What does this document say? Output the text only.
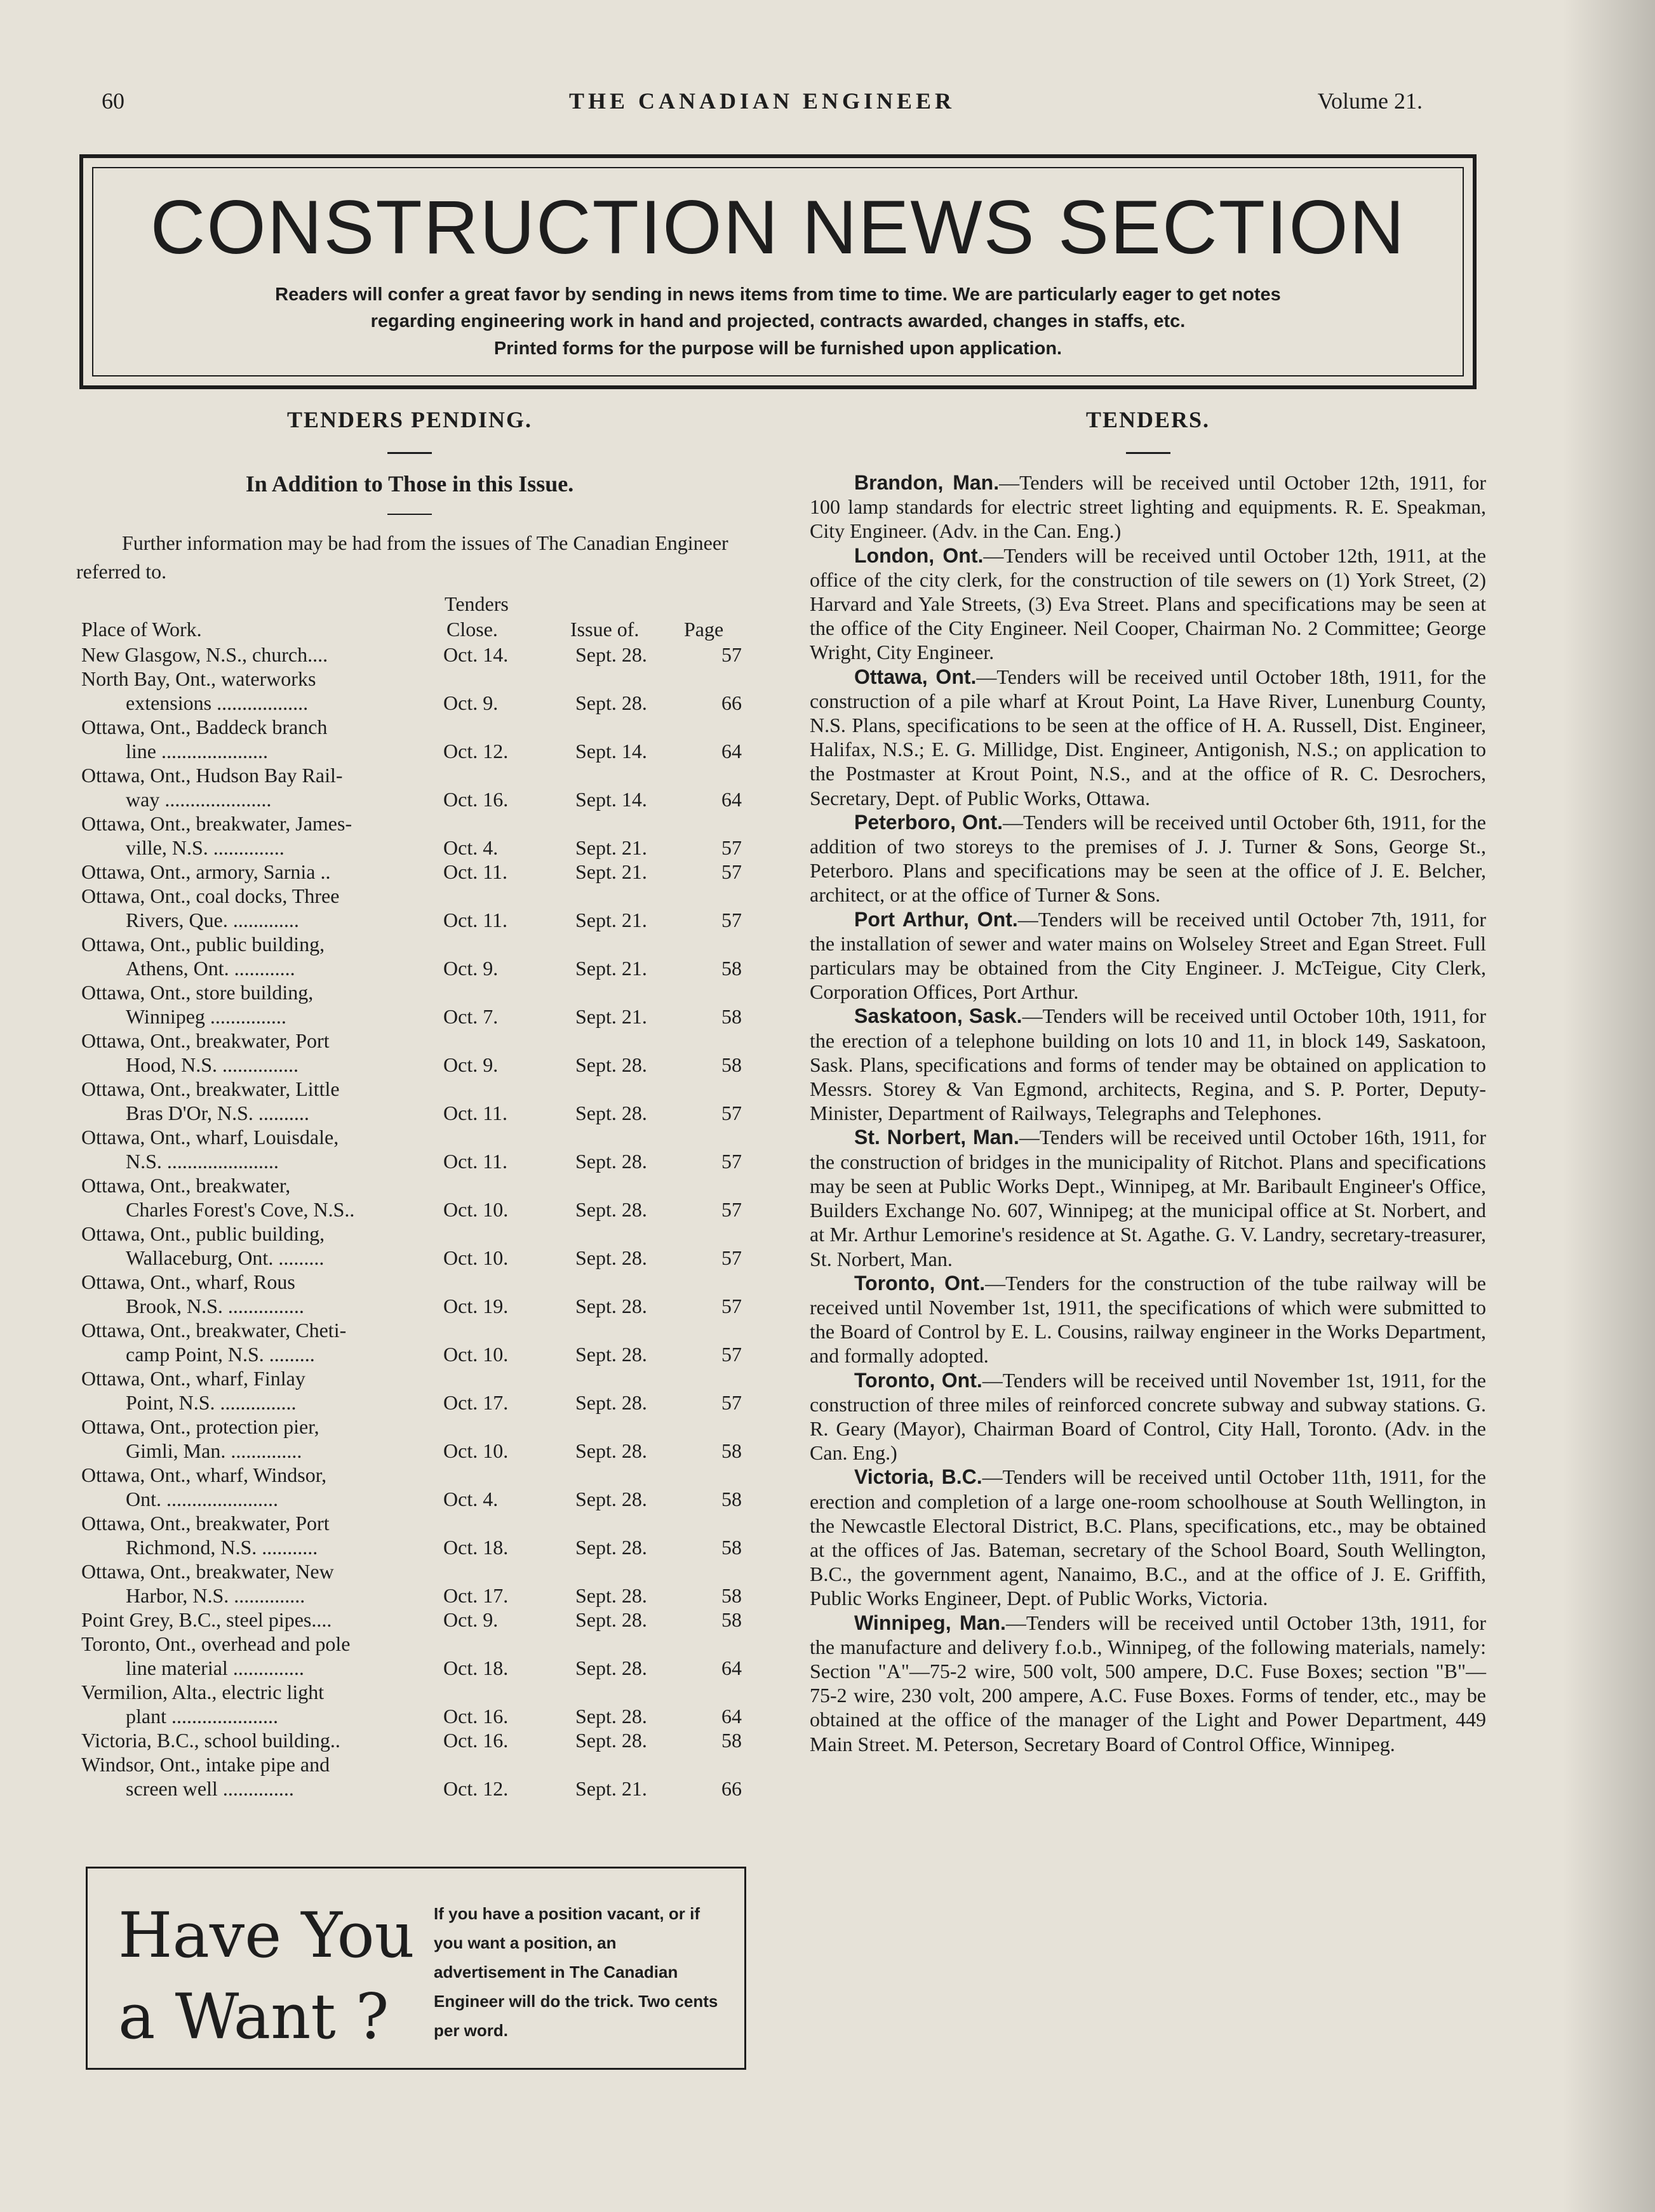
60	THE CANADIAN ENGINEER	Volume 21.
CONSTRUCTION NEWS SECTION
Readers will confer a great favor by sending in news items from time to time. We are particularly eager to get notes
regarding engineering work in hand and projected, contracts awarded, changes in staffs, etc.
Printed forms for the purpose will be furnished upon application.
TENDERS PENDING.
In Addition to Those in this Issue.
Further information may be had from the issues of The Canadian Engineer referred to.
Place of Work.
Tenders
Close.	Issue of. Page
New Glasgow, N.S., church....	Oct. 14.	Sept. 28.	57
North Bay, Ont., waterworks
extensions ..................	Oct. 9.	Sept. 28.	66
Ottawa, Ont., Baddeck branch
line .....................	Oct. 12.	Sept. 14.	64
Ottawa, Ont., Hudson Bay Rail-
way .....................	Oct. 16.	Sept. 14.	64
Ottawa, Ont., breakwater, James-
ville, N.S. ..............	Oct. 4.	Sept. 21.	57
Ottawa, Ont., armory, Sarnia ..	Oct. 11.	Sept. 21.	57
Ottawa, Ont., coal docks, Three
Rivers, Que. .............	Oct. 11.	Sept. 21.	57
Ottawa, Ont., public building,
Athens, Ont. ............	Oct. 9.	Sept. 21.	58
Ottawa, Ont., store building,
Winnipeg ...............	Oct. 7.	Sept. 21.	58
Ottawa, Ont., breakwater, Port
Hood, N.S. ...............	Oct. 9.	Sept. 28.	58
Ottawa, Ont., breakwater, Little
Bras D'Or, N.S. ..........	Oct. 11.	Sept. 28.	57
Ottawa, Ont., wharf, Louisdale,
N.S. ......................	Oct. 11.	Sept. 28.	57
Ottawa, Ont., breakwater,
Charles Forest's Cove, N.S..	Oct. 10.	Sept. 28.	57
Ottawa, Ont., public building,
Wallaceburg, Ont. .........	Oct. 10.	Sept. 28.	57
Ottawa, Ont., wharf, Rous
Brook, N.S. ...............	Oct. 19.	Sept. 28.	57
Ottawa, Ont., breakwater, Cheti-
camp Point, N.S. .........	Oct. 10.	Sept. 28.	57
Ottawa, Ont., wharf, Finlay
Point, N.S. ...............	Oct. 17.	Sept. 28.	57
Ottawa, Ont., protection pier,
Gimli, Man. ..............	Oct. 10.	Sept. 28.	58
Ottawa, Ont., wharf, Windsor,
Ont. ......................	Oct. 4.	Sept. 28.	58
Ottawa, Ont., breakwater, Port
Richmond, N.S. ...........	Oct. 18.	Sept. 28.	58
Ottawa, Ont., breakwater, New
Harbor, N.S. ..............	Oct. 17.	Sept. 28.	58
Point Grey, B.C., steel pipes....	Oct. 9.	Sept. 28.	58
Toronto, Ont., overhead and pole
line material ..............	Oct. 18.	Sept. 28.	64
Vermilion, Alta., electric light
plant .....................	Oct. 16.	Sept. 28.	64
Victoria, B.C., school building..	Oct. 16.	Sept. 28.	58
Windsor, Ont., intake pipe and
screen well ..............	Oct. 12.	Sept. 21.	66
Have You
a Want ?
If you have a position vacant, or if you want a position, an advertisement in The Canadian Engineer will do the trick. Two cents per word.
TENDERS.
Brandon, Man.—Tenders will be received until October 12th, 1911, for 100 lamp standards for electric street lighting and equipments. R. E. Speakman, City Engineer. (Adv. in the Can. Eng.)
London, Ont.—Tenders will be received until October 12th, 1911, at the office of the city clerk, for the construction of tile sewers on (1) York Street, (2) Harvard and Yale Streets, (3) Eva Street. Plans and specifications may be seen at the office of the City Engineer. Neil Cooper, Chairman No. 2 Committee; George Wright, City Engineer.
Ottawa, Ont.—Tenders will be received until October 18th, 1911, for the construction of a pile wharf at Krout Point, La Have River, Lunenburg County, N.S. Plans, specifications to be seen at the office of H. A. Russell, Dist. Engineer, Halifax, N.S.; E. G. Millidge, Dist. Engineer, Antigonish, N.S.; on application to the Postmaster at Krout Point, N.S., and at the office of R. C. Desrochers, Secretary, Dept. of Public Works, Ottawa.
Peterboro, Ont.—Tenders will be received until October 6th, 1911, for the addition of two storeys to the premises of J. J. Turner & Sons, George St., Peterboro. Plans and specifications may be seen at the office of J. E. Belcher, architect, or at the office of Turner & Sons.
Port Arthur, Ont.—Tenders will be received until October 7th, 1911, for the installation of sewer and water mains on Wolseley Street and Egan Street. Full particulars may be obtained from the City Engineer. J. McTeigue, City Clerk, Corporation Offices, Port Arthur.
Saskatoon, Sask.—Tenders will be received until October 10th, 1911, for the erection of a telephone building on lots 10 and 11, in block 149, Saskatoon, Sask. Plans, specifications and forms of tender may be obtained on application to Messrs. Storey & Van Egmond, architects, Regina, and S. P. Porter, Deputy-Minister, Department of Railways, Telegraphs and Telephones.
St. Norbert, Man.—Tenders will be received until October 16th, 1911, for the construction of bridges in the municipality of Ritchot. Plans and specifications may be seen at Public Works Dept., Winnipeg, at Mr. Baribault Engineer's Office, Builders Exchange No. 607, Winnipeg; at the municipal office at St. Norbert, and at Mr. Arthur Lemorine's residence at St. Agathe. G. V. Landry, secretary-treasurer, St. Norbert, Man.
Toronto, Ont.—Tenders for the construction of the tube railway will be received until November 1st, 1911, the specifications of which were submitted to the Board of Control by E. L. Cousins, railway engineer in the Works Department, and formally adopted.
Toronto, Ont.—Tenders will be received until November 1st, 1911, for the construction of three miles of reinforced concrete subway and subway stations. G. R. Geary (Mayor), Chairman Board of Control, City Hall, Toronto. (Adv. in the Can. Eng.)
Victoria, B.C.—Tenders will be received until October 11th, 1911, for the erection and completion of a large one-room schoolhouse at South Wellington, in the Newcastle Electoral District, B.C. Plans, specifications, etc., may be obtained at the offices of Jas. Bateman, secretary of the School Board, South Wellington, B.C., the government agent, Nanaimo, B.C., and at the office of J. E. Griffith, Public Works Engineer, Dept. of Public Works, Victoria.
Winnipeg, Man.—Tenders will be received until October 13th, 1911, for the manufacture and delivery f.o.b., Winnipeg, of the following materials, namely: Section "A"—75-2 wire, 500 volt, 500 ampere, D.C. Fuse Boxes; section "B"—75-2 wire, 230 volt, 200 ampere, A.C. Fuse Boxes. Forms of tender, etc., may be obtained at the office of the manager of the Light and Power Department, 449 Main Street. M. Peterson, Secretary Board of Control Office, Winnipeg.
